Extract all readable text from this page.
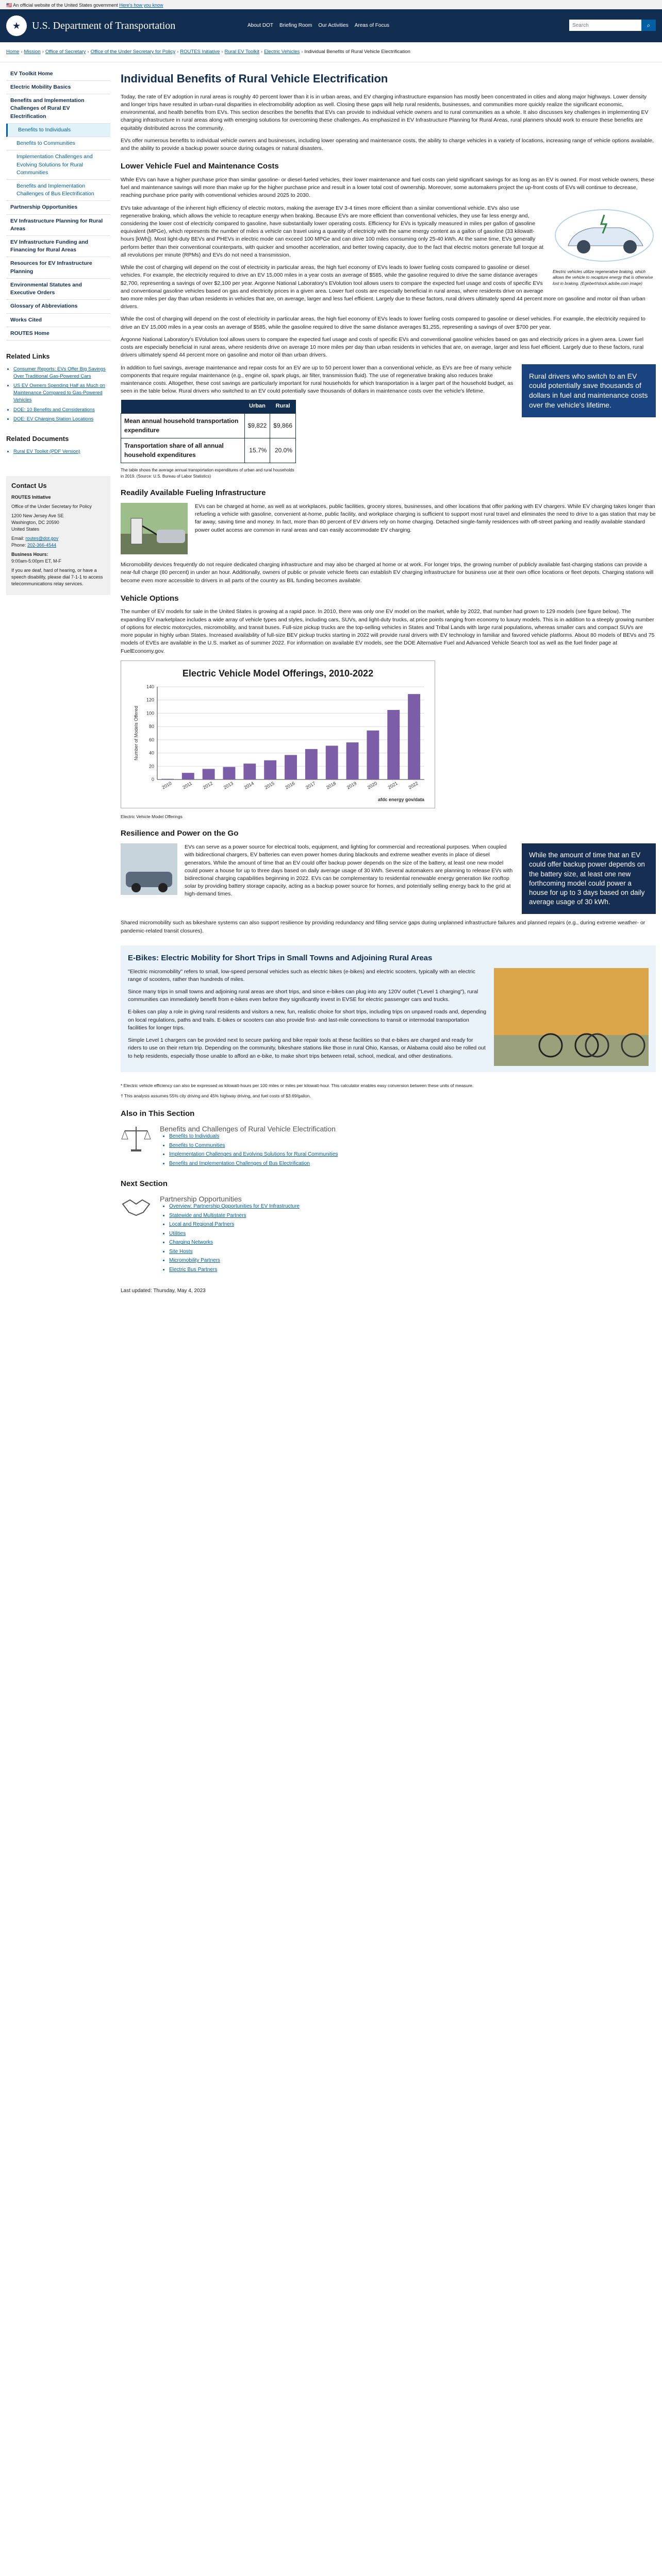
🇺🇸 An official website of the United States government Here's how you know
★	U.S. Department of Transportation	About DOT Briefing Room Our Activities Areas of Focus
Search	⌕
Home › Mission › Office of Secretary › Office of the Under Secretary for Policy › ROUTES Initiative › Rural EV Toolkit › Electric Vehicles › Individual Benefits of Rural Vehicle Electrification
EV Toolkit Home
Electric Mobility Basics
Benefits and Implementation Challenges of Rural EV Electrification
Benefits to Individuals
Benefits to Communities
Implementation Challenges and Evolving Solutions for Rural Communities
Benefits and Implementation Challenges of Bus Electrification
Partnership Opportunities
EV Infrastructure Planning for Rural Areas
EV Infrastructure Funding and Financing for Rural Areas
Resources for EV Infrastructure Planning
Environmental Statutes and Executive Orders
Glossary of Abbreviations
Works Cited
ROUTES Home
Related Links
• Consumer Reports: EVs Offer Big Savings Over Traditional Gas-Powered Cars
• US EV Owners Spending Half as Much on Maintenance Compared to Gas-Powered Vehicles
• DOE: 10 Benefits and Considerations
• DOE: EV Charging Station Locations
Related Documents
• Rural EV Toolkit (PDF Version)
Contact Us

ROUTES Initiative

Office of the Under Secretary for Policy

1200 New Jersey Ave SE
Washington, DC 20590
United States

Email: routes@dot.gov
Phone: 202-366-4544

Business Hours:
9:00am-5:00pm ET, M-F

If you are deaf, hard of hearing, or have a speech disability, please dial 7-1-1 to access telecommunications relay services.

Individual Benefits of Rural Vehicle Electrification

Today, the rate of EV adoption in rural areas is roughly 40 percent lower than it is in urban areas, and EV charging infrastructure expansion has mostly been concentrated in cities and along major highways. Lower density and longer trips have resulted in urban-rural disparities in electromobility adoption as well. Closing these gaps will help rural residents, businesses, and communities more quickly realize the significant economic, environmental, and health benefits from EVs. This section describes the benefits that EVs can provide to individual vehicle owners and to rural communities as a whole. It also discusses key challenges in implementing EV charging infrastructure in rural areas along with emerging solutions for overcoming these challenges. As emphasized in EV Infrastructure Planning for Rural Areas, rural planners should work to ensure these benefits are equitably distributed across the community.

EVs offer numerous benefits to individual vehicle owners and businesses, including lower operating and maintenance costs, the ability to charge vehicles in a variety of locations, increasing range of vehicle options available, and the ability to provide a backup power source during outages or natural disasters.

Lower Vehicle Fuel and Maintenance Costs

While EVs can have a higher purchase price than similar gasoline- or diesel-fueled vehicles, their lower maintenance and fuel costs can yield significant savings for as long as an EV is owned. For most vehicle owners, these fuel and maintenance savings will more than make up for the higher purchase price and result in a lower total cost of ownership. Moreover, some automakers project the up-front costs of EVs will continue to decrease, reaching purchase price parity with conventional vehicles around 2025 to 2030.

Electric vehicles utilize regenerative braking, which allows the vehicle to recapture energy that is otherwise lost in braking. (Egebert/stock.adobe.com image)

EVs take advantage of the inherent high efficiency of electric motors, making the average EV 3-4 times more efficient than a similar conventional vehicle. EVs also use regenerative braking, which allows the vehicle to recapture energy when braking. Because EVs are more efficient than conventional vehicles, they use far less energy and, considering the lower cost of electricity compared to gasoline, have substantially lower operating costs. Efficiency for EVs is typically measured in miles per gallon of gasoline equivalent (MPGe), which represents the number of miles a vehicle can travel using a quantity of electricity with the same energy content as a gallon of gasoline (33 kilowatt-hours [kWh]). Most light-duty BEVs and PHEVs in electric mode can exceed 100 MPGe and can drive 100 miles consuming only 25-40 kWh. At the same time, EVs generally perform better than their conventional counterparts, with quicker and smoother acceleration, and better towing capacity, due to the fact that electric motors generate full torque at all revolutions per minute (RPMs) and EVs do not need a transmission.

While the cost of charging will depend on the cost of electricity in particular areas, the high fuel economy of EVs leads to lower fueling costs compared to gasoline or diesel vehicles. For example, the electricity required to drive an EV 15,000 miles in a year costs an average of $585, while the gasoline required to drive the same distance averages $2,700, representing a savings of over $2,100 per year. Argonne National Laboratory's EVolution tool allows users to compare the expected fuel usage and costs of specific EVs and conventional gasoline vehicles based on gas and electricity prices in a given area. Lower fuel costs are especially beneficial in rural areas, where residents drive on average two more miles per day than urban residents in vehicles that are, on average, larger and less fuel efficient. Largely due to these factors, rural drivers ultimately spend 44 percent more on gasoline and motor oil than urban drivers.

While the cost of charging will depend on the cost of electricity in particular areas, the high fuel economy of EVs leads to lower fueling costs compared to gasoline or diesel vehicles. For example, the electricity required to drive an EV 15,000 miles in a year costs an average of $585, while the gasoline required to drive the same distance averages $1,255, representing a savings of over $700 per year.

Argonne National Laboratory's EVolution tool allows users to compare the expected fuel usage and costs of specific EVs and conventional gasoline vehicles based on gas and electricity prices in a given area. Lower fuel costs are especially beneficial in rural areas, where residents drive on average 10 more miles per day than urban residents in vehicles that are, on average, larger and less fuel efficient. Largely due to these factors, rural drivers ultimately spend 44 percent more on gasoline and motor oil than urban drivers.

Rural drivers who switch to an EV could potentially save thousands of dollars in fuel and maintenance costs over the vehicle's lifetime.

In addition to fuel savings, average maintenance and repair costs for an EV are up to 50 percent lower than a conventional vehicle, as EVs are free of many vehicle components that require regular maintenance (e.g., engine oil, spark plugs, air filter, transmission fluid). The use of regenerative braking also reduces brake maintenance costs. Altogether, these cost savings are particularly important for rural households for which transportation is a larger part of the household budget, as seen in the table below. Rural drivers who switched to an EV could potentially save thousands of dollars in maintenance costs over the vehicle's lifetime.

	Urban	Rural
Mean annual household transportation expenditure	$9,822	$9,866
Transportation share of all annual household expenditures	15.7%	20.0%
The table shows the average annual transportation expenditures of urban and rural households in 2019. (Source: U.S. Bureau of Labor Statistics)
Readily Available Fueling Infrastructure

EVs can be charged at home, as well as at workplaces, public facilities, grocery stores, businesses, and other locations that offer parking with EV chargers. While EV charging takes longer than refueling a vehicle with gasoline, convenient at-home, public facility, and workplace charging is sufficient to support most rural travel and eliminates the need to drive to a gas station that may be far away, saving time and money. In fact, more than 80 percent of EV drivers rely on home charging. Detached single-family residences with off-street parking and readily available standard power outlet access are common in rural areas and can easily accommodate EV charging.

Micromobility devices frequently do not require dedicated charging infrastructure and may also be charged at home or at work. For longer trips, the growing number of publicly available fast-charging stations can provide a near-full charge (80 percent) in under an hour. Additionally, owners of public or private vehicle fleets can establish EV charging infrastructure for business use at their own office locations or fleet depots. Charging stations will become even more accessible to drivers in all parts of the country as BIL funding becomes available.

Vehicle Options

The number of EV models for sale in the United States is growing at a rapid pace. In 2010, there was only one EV model on the market, while by 2022, that number had grown to 129 models (see figure below). The expanding EV marketplace includes a wide array of vehicle types and styles, including cars, SUVs, and light-duty trucks, at price points ranging from economy to luxury models. This is in addition to a steeply growing number of options for electric motorcycles, micromobility, and transit buses. Full-size pickup trucks are the top-selling vehicles in States and Tribal Lands with large rural populations, whereas smaller cars and compact SUVs are more popular in highly urban States. Increased availability of full-size BEV pickup trucks starting in 2022 will provide rural drivers with EV technology in familiar and favored vehicle platforms. About 80 models of BEVs and 75 models of EVEs are available in the U.S. market as of summer 2022. For information on available EV models, see the DOE Alternative Fuel and Advanced Vehicle Search tool as well as the fuel finder page at FuelEconomy.gov.

Electric Vehicle Model Offerings, 2010-2022
0
20
40
60
80
100
120
140
Number of Models Offered
2010 2011 2012 2013 2014 2015 2016 2017 2018 2019 2020 2021 2022
afdc energy gov/data
Electric Vehicle Model Offerings
Resilience and Power on the Go
While the amount of time that an EV could offer backup power depends on the battery size, at least one new forthcoming model could power a house for up to 3 days based on daily average usage of 30 kWh.

EVs can serve as a power source for electrical tools, equipment, and lighting for commercial and recreational purposes. When coupled with bidirectional chargers, EV batteries can even power homes during blackouts and extreme weather events in place of diesel generators. While the amount of time that an EV could offer backup power depends on the size of the battery, at least one new model could power a house for up to three days based on daily average usage of 30 kWh. Several automakers are planning to release EVs with bidirectional charging capabilities beginning in 2022. EVs can be complementary to residential renewable energy generation like rooftop solar by providing battery storage capacity, acting as a backup power source for homes, and potentially selling energy back to the grid at high-demand times.

Shared micromobility such as bikeshare systems can also support resilience by providing redundancy and filling service gaps during unplanned infrastructure failures and planned repairs (e.g., during extreme weather- or pandemic-related transit closures).

E-Bikes: Electric Mobility for Short Trips in Small Towns and Adjoining Rural Areas

"Electric micromobility" refers to small, low-speed personal vehicles such as electric bikes (e-bikes) and electric scooters, typically with an electric range of scooters, rather than hundreds of miles.

Since many trips in small towns and adjoining rural areas are short trips, and since e-bikes can plug into any 120V outlet ("Level 1 charging"), rural communities can immediately benefit from e-bikes even before they significantly invest in EVSE for electric passenger cars and trucks.

E-bikes can play a role in giving rural residents and visitors a new, fun, realistic choice for short trips, including trips on unpaved roads and, depending on local regulations, paths and trails. E-bikes or scooters can also provide first- and last-mile connections to transit or intermodal transportation facilities for longer trips.

Simple Level 1 chargers can be provided next to secure parking and bike repair tools at these facilities so that e-bikes are charged and ready for riders to use on their return trip. Depending on the community, bikeshare stations like those in rural Ohio, Kansas, or Alabama could also be rolled out to help residents, especially those unable to afford an e-bike, to make short trips between retail, school, medical, and other destinations.

* Electric vehicle efficiency can also be expressed as kilowatt-hours per 100 miles or miles per kilowatt-hour. This calculator enables easy conversion between these units of measure.

† This analysis assumes 55% city driving and 45% highway driving, and fuel costs of $3.69/gallon.

Also in This Section
Benefits and Challenges of Rural Vehicle Electrification
• Benefits to Individuals
• Benefits to Communities
• Implementation Challenges and Evolving Solutions for Rural Communities
• Benefits and Implementation Challenges of Bus Electrification
Next Section
Partnership Opportunities
• Overview: Partnership Opportunities for EV Infrastructure
• Statewide and Multistate Partners
• Local and Regional Partners
• Utilities
• Charging Networks
• Site Hosts
• Micromobility Partners
• Electric Bus Partners

Last updated: Thursday, May 4, 2023
